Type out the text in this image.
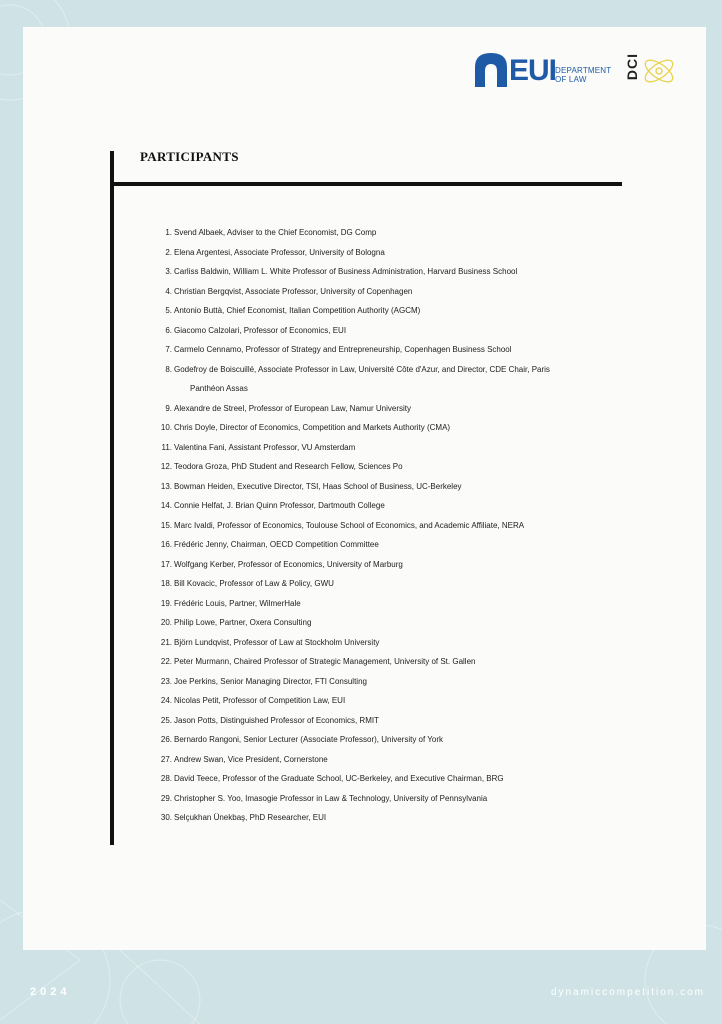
EUI
DEPARTMENT
OF LAW	DCI
PARTICIPANTS
1. Svend Albaek, Adviser to the Chief Economist, DG Comp
2. Elena Argentesi, Associate Professor, University of Bologna
3. Carliss Baldwin, William L. White Professor of Business Administration, Harvard Business School
4. Christian Bergqvist, Associate Professor, University of Copenhagen
5. Antonio Buttà, Chief Economist, Italian Competition Authority (AGCM)
6. Giacomo Calzolari, Professor of Economics, EUI
7. Carmelo Cennamo, Professor of Strategy and Entrepreneurship, Copenhagen Business School
8. Godefroy de Boiscuillé, Associate Professor in Law, Université Côte d'Azur, and Director, CDE Chair, Paris
Panthéon Assas
9. Alexandre de Streel, Professor of European Law, Namur University
10. Chris Doyle, Director of Economics, Competition and Markets Authority (CMA)
11. Valentina Fani, Assistant Professor, VU Amsterdam
12. Teodora Groza, PhD Student and Research Fellow, Sciences Po
13. Bowman Heiden, Executive Director, TSI, Haas School of Business, UC-Berkeley
14. Connie Helfat, J. Brian Quinn Professor, Dartmouth College
15. Marc Ivaldi, Professor of Economics, Toulouse School of Economics, and Academic Affiliate, NERA
16. Frédéric Jenny, Chairman, OECD Competition Committee
17. Wolfgang Kerber, Professor of Economics, University of Marburg
18. Bill Kovacic, Professor of Law & Policy, GWU
19. Frédéric Louis, Partner, WilmerHale
20. Philip Lowe, Partner, Oxera Consulting
21. Björn Lundqvist, Professor of Law at Stockholm University
22. Peter Murmann, Chaired Professor of Strategic Management, University of St. Gallen
23. Joe Perkins, Senior Managing Director, FTI Consulting
24. Nicolas Petit, Professor of Competition Law, EUI
25. Jason Potts, Distinguished Professor of Economics, RMIT
26. Bernardo Rangoni, Senior Lecturer (Associate Professor), University of York
27. Andrew Swan, Vice President, Cornerstone
28. David Teece, Professor of the Graduate School, UC-Berkeley, and Executive Chairman, BRG
29. Christopher S. Yoo, Imasogie Professor in Law & Technology, University of Pennsylvania
30. Selçukhan Ünekbaş, PhD Researcher, EUI
2024	dynamiccompetition.com
